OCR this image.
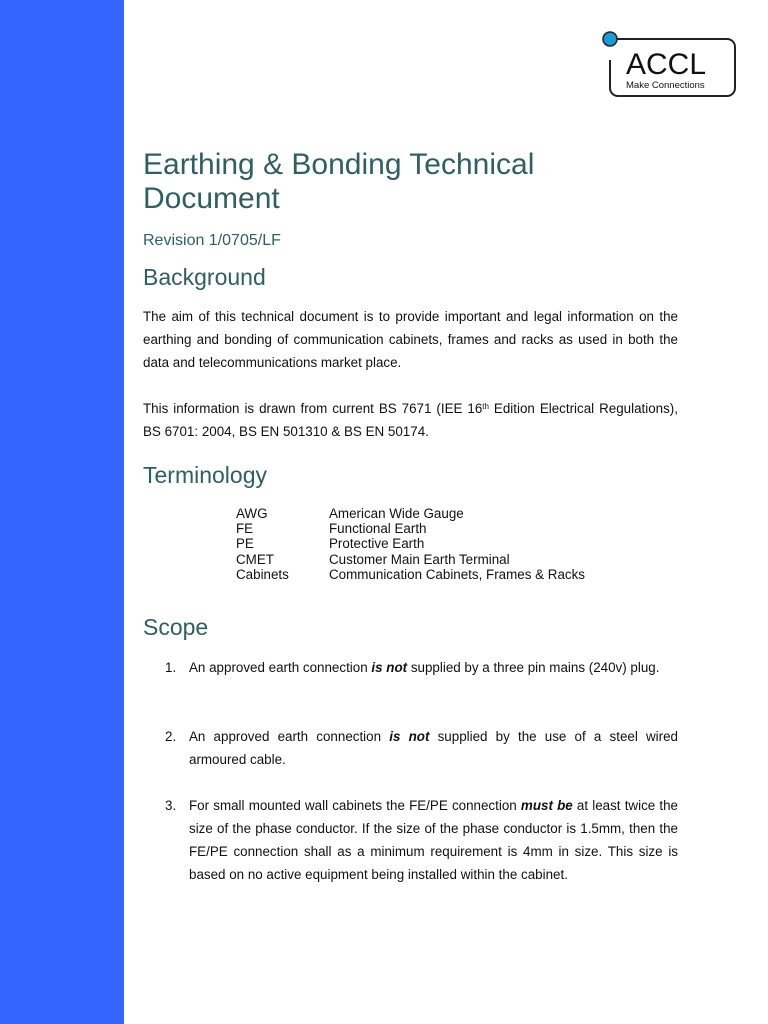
ACCL
Make Connections
Earthing & Bonding Technical Document
Revision 1/0705/LF
Background

The aim of this technical document is to provide important and legal information on the earthing and bonding of communication cabinets, frames and racks as used in both the data and telecommunications market place.

This information is drawn from current BS 7671 (IEE 16th Edition Electrical Regulations), BS 6701: 2004, BS EN 501310 & BS EN 50174.

Terminology
AWG	American Wide Gauge
FE	Functional Earth
PE	Protective Earth
CMET	Customer Main Earth Terminal
Cabinets	Communication Cabinets, Frames & Racks
Scope
1. An approved earth connection is not supplied by a three pin mains (240v) plug.
2. An approved earth connection is not supplied by the use of a steel wired armoured cable.
3. For small mounted wall cabinets the FE/PE connection must be at least twice the size of the phase conductor. If the size of the phase conductor is 1.5mm, then the FE/PE connection shall as a minimum requirement is 4mm in size. This size is based on no active equipment being installed within the cabinet.
